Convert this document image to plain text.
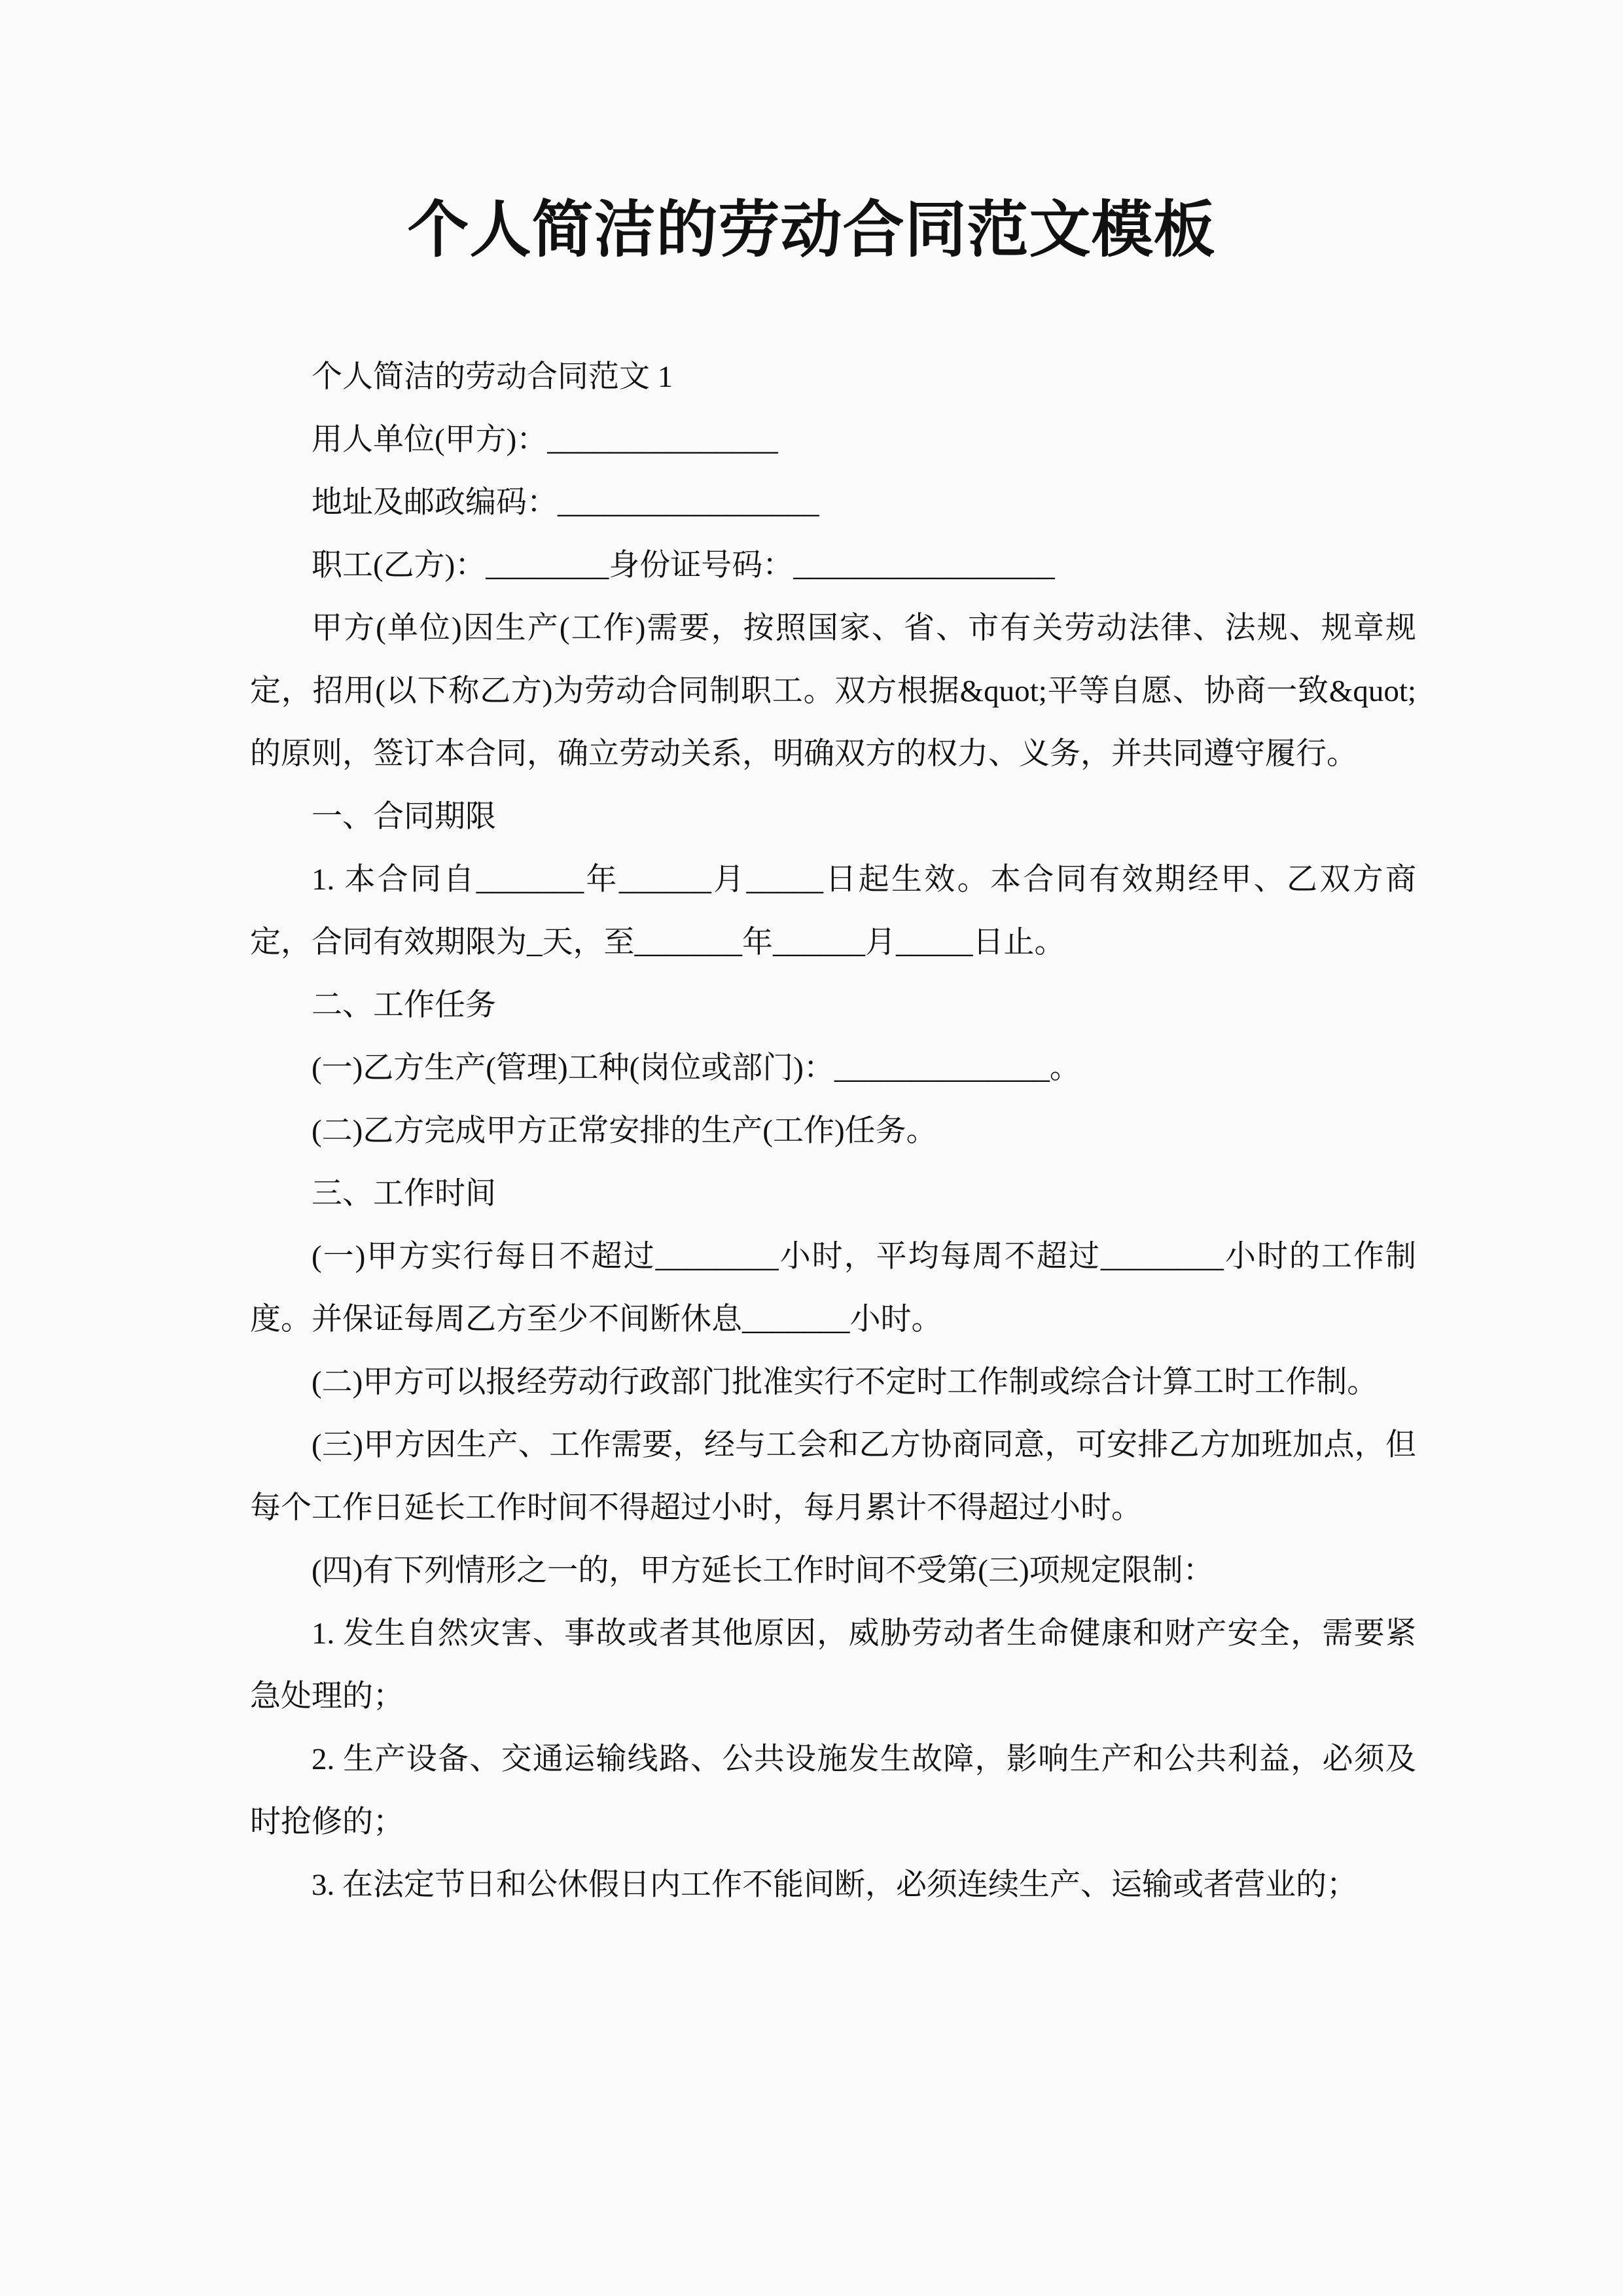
个人简洁的劳动合同范文模板

个人简洁的劳动合同范文 1

用人单位(甲方)：_______________

地址及邮政编码：_________________

职工(乙方)：________身份证号码：_________________

甲方(单位)因生产(工作)需要，按照国家、省、市有关劳动法律、法规、规章规定，招用(以下称乙方)为劳动合同制职工。双方根据&quot;平等自愿、协商一致&quot;的原则，签订本合同，确立劳动关系，明确双方的权力、义务，并共同遵守履行。

一、合同期限

1. 本合同自_______年______月_____日起生效。本合同有效期经甲、乙双方商定，合同有效期限为_天，至_______年______月_____日止。

二、工作任务

(一)乙方生产(管理)工种(岗位或部门)：______________。

(二)乙方完成甲方正常安排的生产(工作)任务。

三、工作时间

(一)甲方实行每日不超过________小时，平均每周不超过________小时的工作制度。并保证每周乙方至少不间断休息_______小时。

(二)甲方可以报经劳动行政部门批准实行不定时工作制或综合计算工时工作制。

(三)甲方因生产、工作需要，经与工会和乙方协商同意，可安排乙方加班加点，但每个工作日延长工作时间不得超过小时，每月累计不得超过小时。

(四)有下列情形之一的，甲方延长工作时间不受第(三)项规定限制：

1. 发生自然灾害、事故或者其他原因，威胁劳动者生命健康和财产安全，需要紧急处理的；

2. 生产设备、交通运输线路、公共设施发生故障，影响生产和公共利益，必须及时抢修的；

3. 在法定节日和公休假日内工作不能间断，必须连续生产、运输或者营业的；
